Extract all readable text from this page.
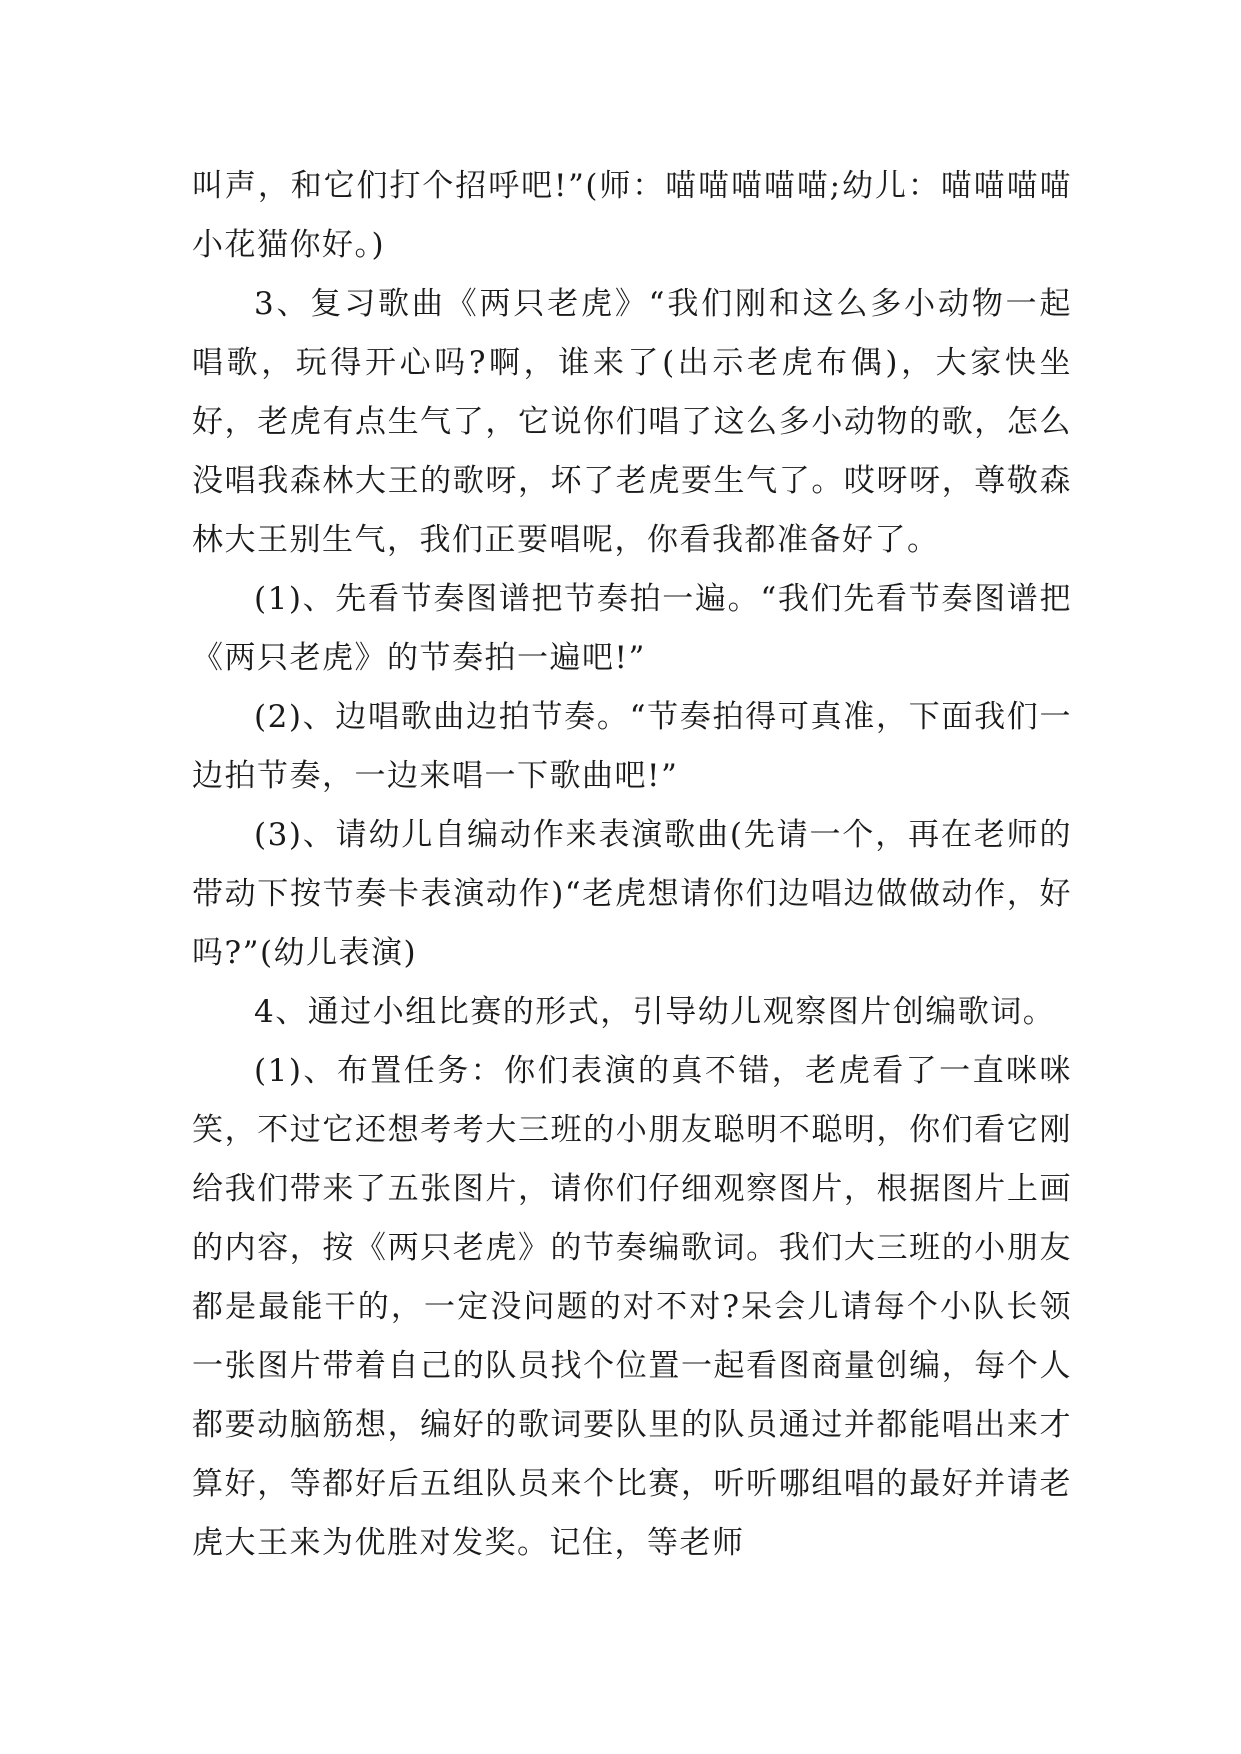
叫声，和它们打个招呼吧!”(师：喵喵喵喵喵;幼儿：喵喵喵喵小花猫你好。)

3、复习歌曲《两只老虎》“我们刚和这么多小动物一起唱歌，玩得开心吗?啊，谁来了(出示老虎布偶)，大家快坐好，老虎有点生气了，它说你们唱了这么多小动物的歌，怎么没唱我森林大王的歌呀，坏了老虎要生气了。哎呀呀，尊敬森林大王别生气，我们正要唱呢，你看我都准备好了。

(1)、先看节奏图谱把节奏拍一遍。“我们先看节奏图谱把《两只老虎》的节奏拍一遍吧!”

(2)、边唱歌曲边拍节奏。“节奏拍得可真准，下面我们一边拍节奏，一边来唱一下歌曲吧!”

(3)、请幼儿自编动作来表演歌曲(先请一个，再在老师的带动下按节奏卡表演动作)“老虎想请你们边唱边做做动作，好吗?”(幼儿表演)

4、通过小组比赛的形式，引导幼儿观察图片创编歌词。

(1)、布置任务：你们表演的真不错，老虎看了一直咪咪笑，不过它还想考考大三班的小朋友聪明不聪明，你们看它刚给我们带来了五张图片，请你们仔细观察图片，根据图片上画的内容，按《两只老虎》的节奏编歌词。我们大三班的小朋友都是最能干的，一定没问题的对不对?呆会儿请每个小队长领一张图片带着自己的队员找个位置一起看图商量创编，每个人都要动脑筋想，编好的歌词要队里的队员通过并都能唱出来才算好，等都好后五组队员来个比赛，听听哪组唱的最好并请老虎大王来为优胜对发奖。记住，等老师
